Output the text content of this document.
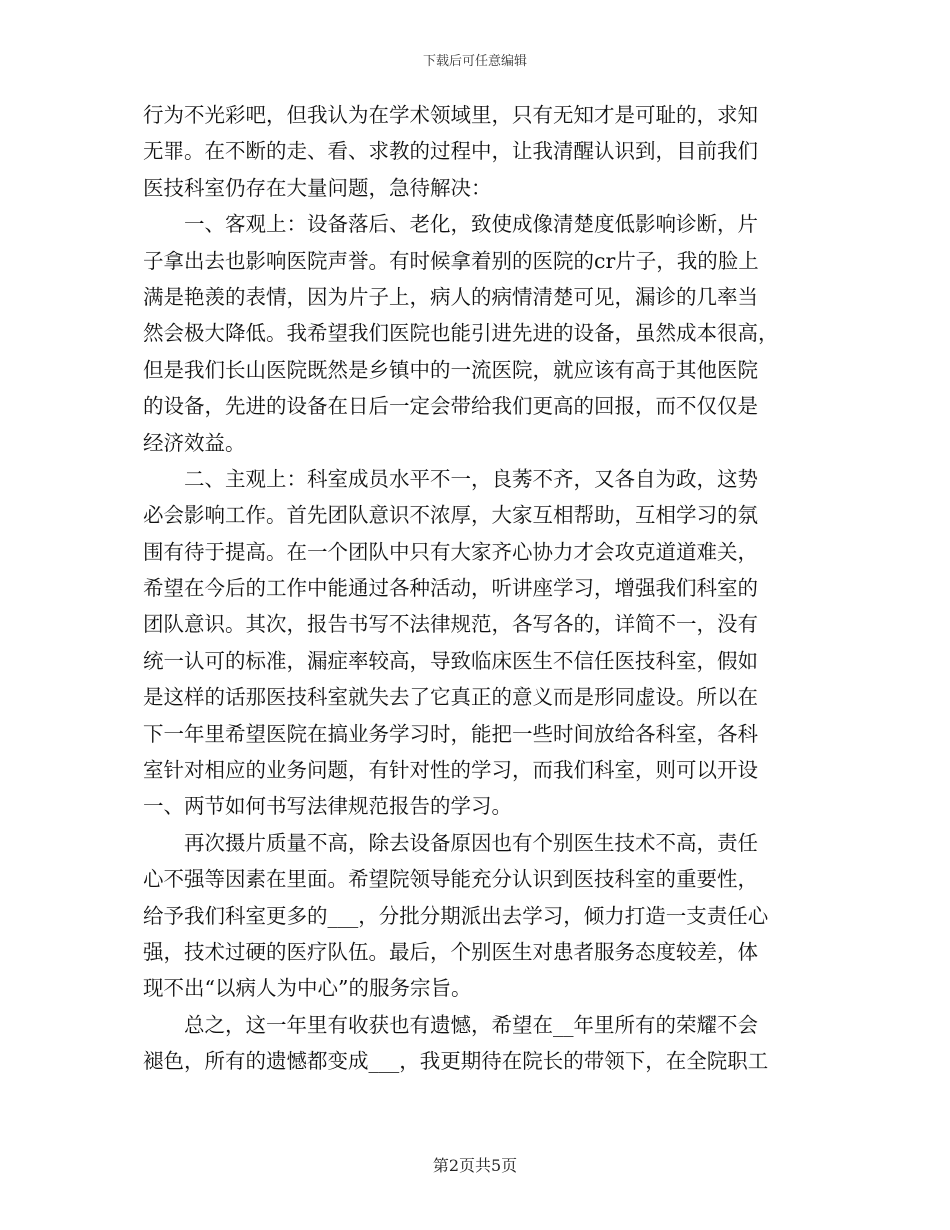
下载后可任意编辑
行为不光彩吧，但我认为在学术领域里，只有无知才是可耻的，求知
无罪。在不断的走、看、求教的过程中，让我清醒认识到，目前我们
医技科室仍存在大量问题，急待解决：
　　一、客观上：设备落后、老化，致使成像清楚度低影响诊断，片
子拿出去也影响医院声誉。有时候拿着别的医院的cr片子，我的脸上
满是艳羡的表情，因为片子上，病人的病情清楚可见，漏诊的几率当
然会极大降低。我希望我们医院也能引进先进的设备，虽然成本很高，
但是我们长山医院既然是乡镇中的一流医院，就应该有高于其他医院
的设备，先进的设备在日后一定会带给我们更高的回报，而不仅仅是
经济效益。
　　二、主观上：科室成员水平不一，良莠不齐，又各自为政，这势
必会影响工作。首先团队意识不浓厚，大家互相帮助，互相学习的氛
围有待于提高。在一个团队中只有大家齐心协力才会攻克道道难关，
希望在今后的工作中能通过各种活动，听讲座学习，增强我们科室的
团队意识。其次，报告书写不法律规范，各写各的，详简不一，没有
统一认可的标准，漏症率较高，导致临床医生不信任医技科室，假如
是这样的话那医技科室就失去了它真正的意义而是形同虚设。所以在
下一年里希望医院在搞业务学习时，能把一些时间放给各科室，各科
室针对相应的业务问题，有针对性的学习，而我们科室，则可以开设
一、两节如何书写法律规范报告的学习。
　　再次摄片质量不高，除去设备原因也有个别医生技术不高，责任
心不强等因素在里面。希望院领导能充分认识到医技科室的重要性，
给予我们科室更多的___，分批分期派出去学习，倾力打造一支责任心
强，技术过硬的医疗队伍。最后，个别医生对患者服务态度较差，体
现不出“以病人为中心”的服务宗旨。
　　总之，这一年里有收获也有遗憾，希望在__年里所有的荣耀不会
褪色，所有的遗憾都变成___，我更期待在院长的带领下，在全院职工
第2页共5页
